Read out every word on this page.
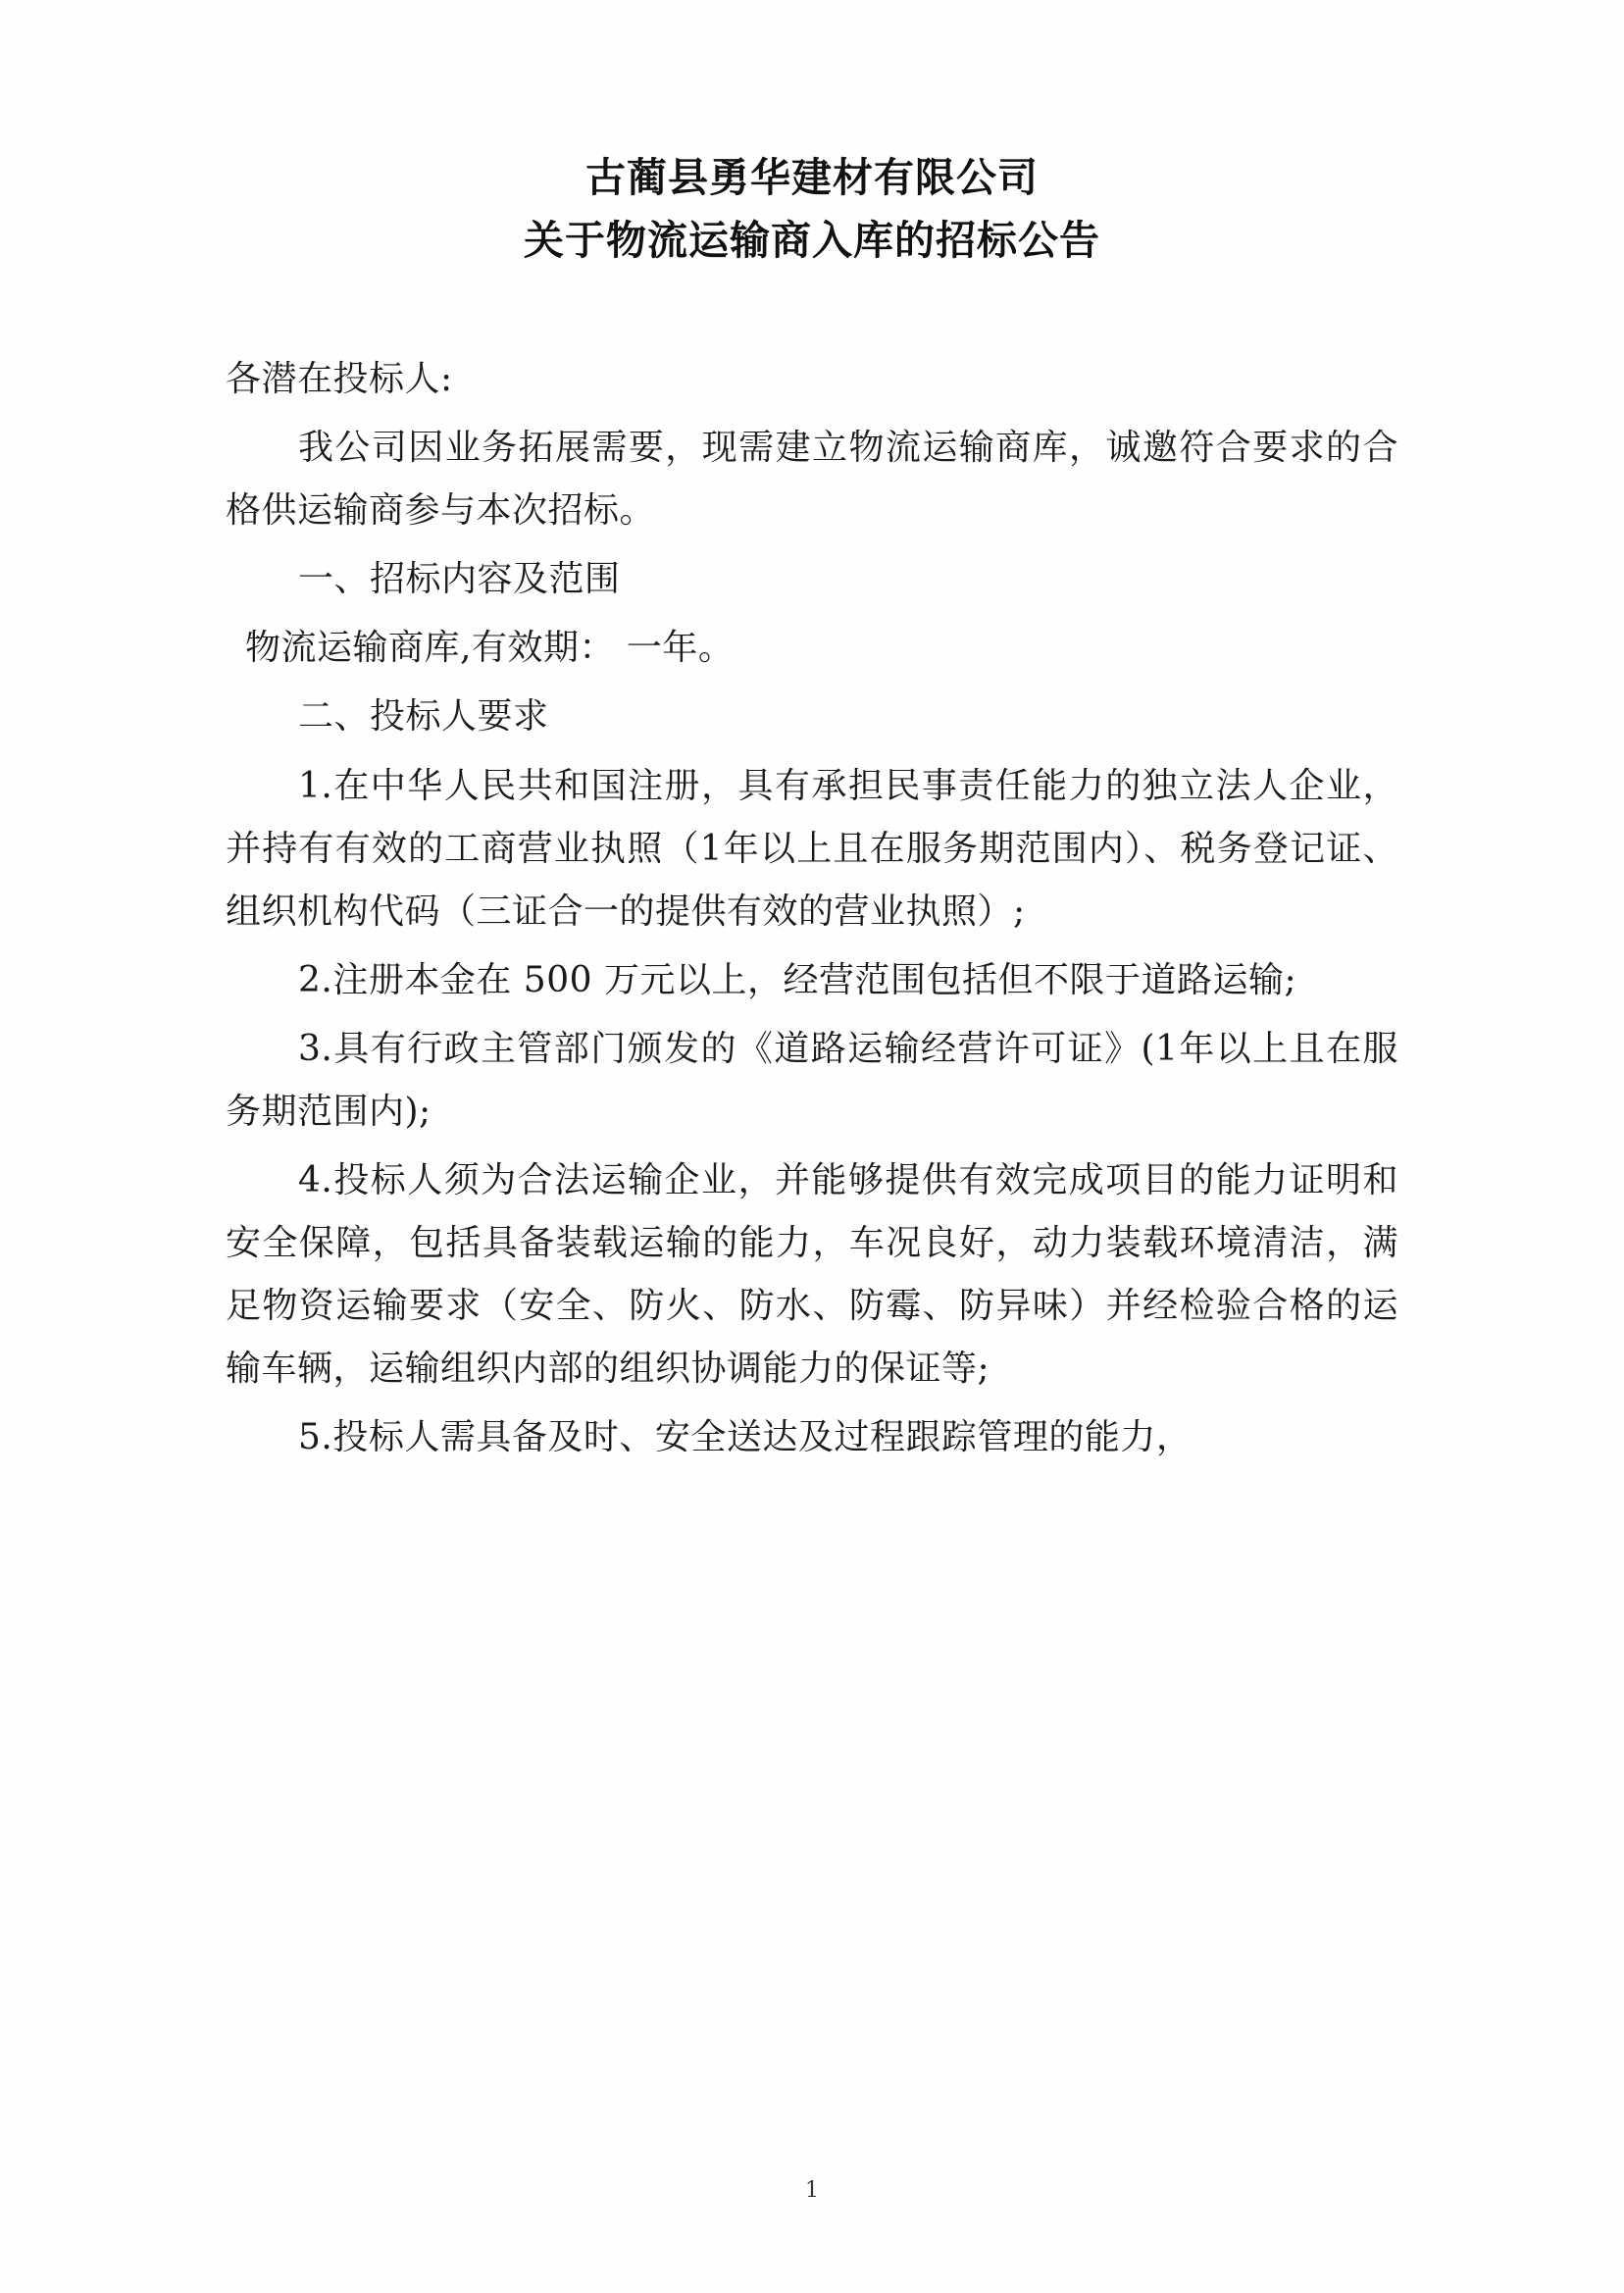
古蔺县勇华建材有限公司
关于物流运输商入库的招标公告

各潜在投标人:

我公司因业务拓展需要，现需建立物流运输商库，诚邀符合要求的合格供运输商参与本次招标。

一、招标内容及范围

物流运输商库,有效期： 一年。

二、投标人要求

1.在中华人民共和国注册，具有承担民事责任能力的独立法人企业，并持有有效的工商营业执照（1年以上且在服务期范围内）、税务登记证、组织机构代码（三证合一的提供有效的营业执照）;

2.注册本金在 500 万元以上，经营范围包括但不限于道路运输;

3.具有行政主管部门颁发的《道路运输经营许可证》(1年以上且在服务期范围内);

4.投标人须为合法运输企业，并能够提供有效完成项目的能力证明和安全保障，包括具备装载运输的能力，车况良好，动力装载环境清洁，满足物资运输要求（安全、防火、防水、防霉、防异味）并经检验合格的运输车辆，运输组织内部的组织协调能力的保证等;

5.投标人需具备及时、安全送达及过程跟踪管理的能力，

1
